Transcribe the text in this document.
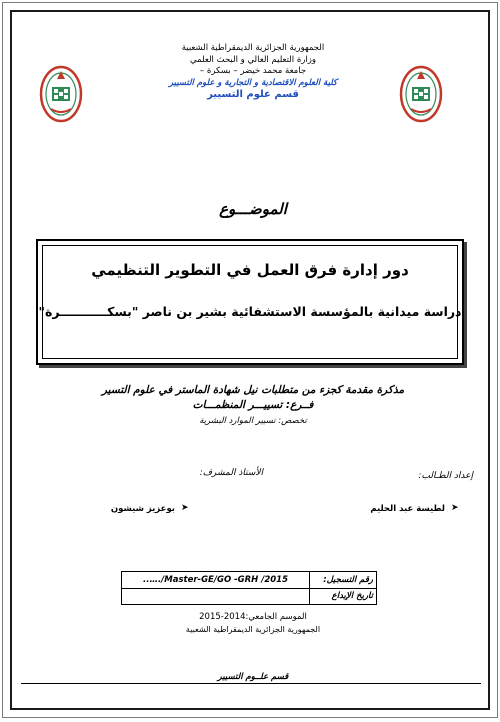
الجمهورية الجزائرية الديمقراطية الشعبية
وزارة التعليم العالي و البحث العلمي
جامعة محمد خيضر – بسكرة –
كلية العلوم الاقتصادية و التجارية و علوم التسيير
قسم علوم التسيير
الموضـــوع
دور إدارة فرق العمل في التطوير التنظيمي
دراسة ميدانية بالمؤسسة الاستشفائية بشير بن ناصر "بسكـــــــــــرة"
مذكرة مقدمة كجزء من متطلبات نيل شهادة الماستر في علوم التسير
فــرع: تسييـــر المنظمـــات
تخصص: تسيير الموارد البشرية
إعداد الطـالب:
الأستاذ المشرف:
➤
لطيسة عبد الحليم
➤
بوعزيز شيشون
..…./Master-GE/GO -GRH /2015	رقم التسجيل:
	تاريخ الإيداع
الموسم الجامعي:2014-2015
الجمهورية الجزائرية الديمقراطية الشعبية
قسم علــوم التسيير
